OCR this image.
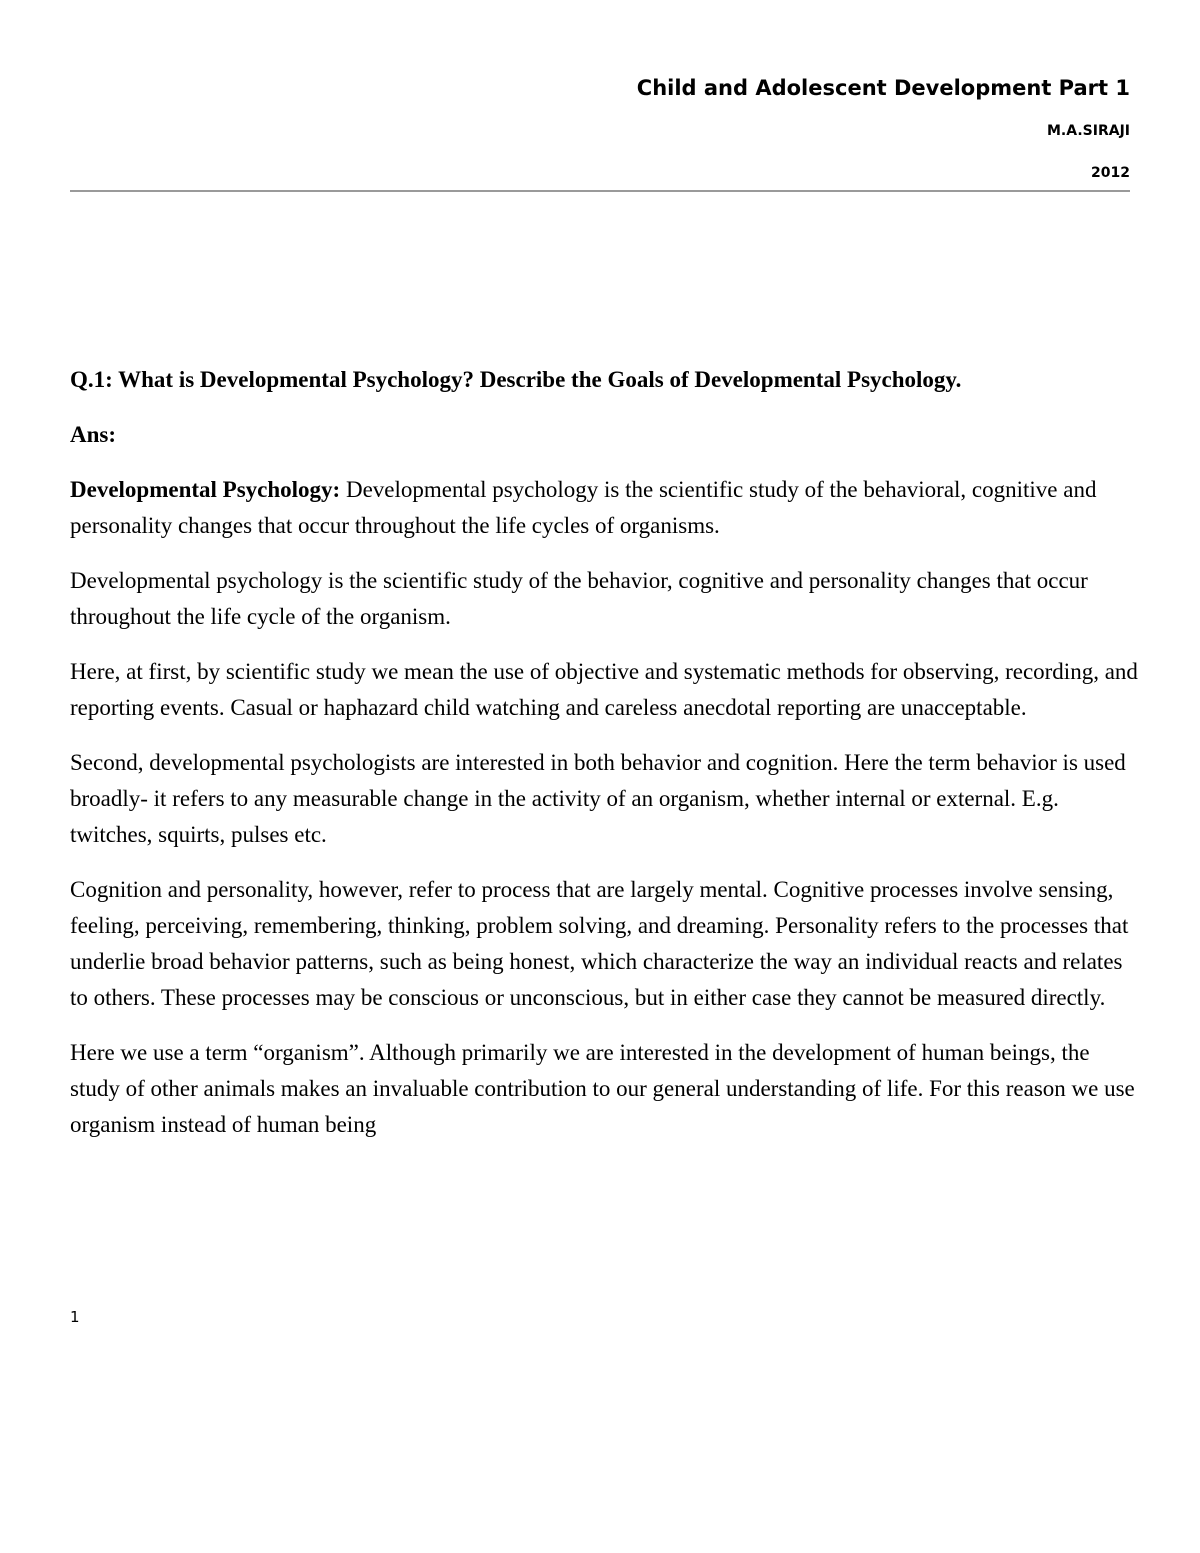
Child and Adolescent Development Part 1
M.A.SIRAJI
2012

Q.1: What is Developmental Psychology? Describe the Goals of Developmental Psychology.

Ans:

Developmental Psychology: Developmental psychology is the scientific study of the behavioral, cognitive and personality changes that occur throughout the life cycles of organisms.

Developmental psychology is the scientific study of the behavior, cognitive and personality changes that occur throughout the life cycle of the organism.

Here, at first, by scientific study we mean the use of objective and systematic methods for observing, recording, and reporting events. Casual or haphazard child watching and careless anecdotal reporting are unacceptable.

Second, developmental psychologists are interested in both behavior and cognition. Here the term behavior is used broadly- it refers to any measurable change in the activity of an organism, whether internal or external. E.g. twitches, squirts, pulses etc.

Cognition and personality, however, refer to process that are largely mental. Cognitive processes involve sensing, feeling, perceiving, remembering, thinking, problem solving, and dreaming. Personality refers to the processes that underlie broad behavior patterns, such as being honest, which characterize the way an individual reacts and relates to others. These processes may be conscious or unconscious, but in either case they cannot be measured directly.

Here we use a term “organism”. Although primarily we are interested in the development of human beings, the study of other animals makes an invaluable contribution to our general understanding of life. For this reason we use organism instead of human being

1
